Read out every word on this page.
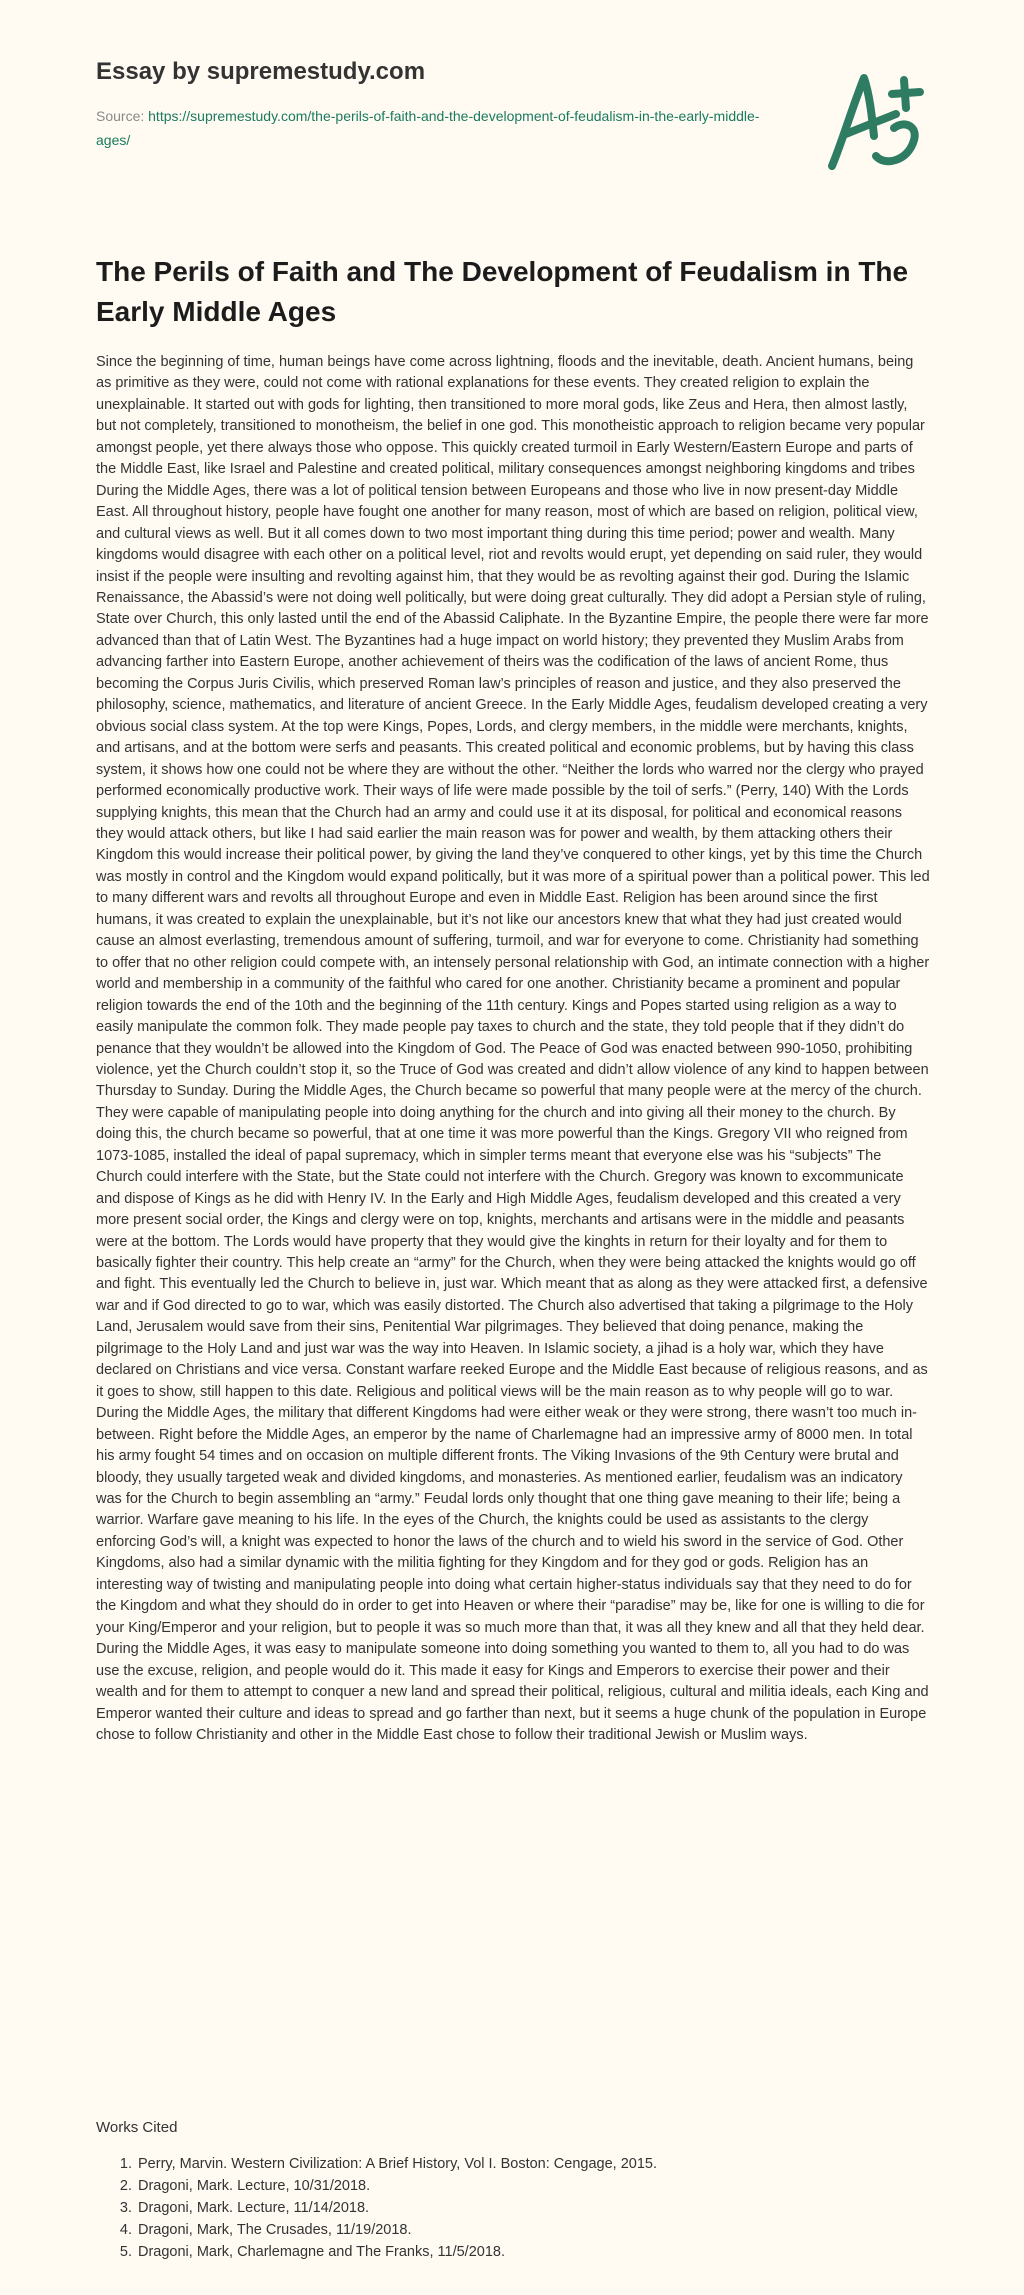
Essay by supremestudy.com
Source: https://supremestudy.com/the-perils-of-faith-and-the-development-of-feudalism-in-the-early-middle-ages/
The Perils of Faith and The Development of Feudalism in The Early Middle Ages

Since the beginning of time, human beings have come across lightning, floods and the inevitable, death. Ancient humans, being as primitive as they were, could not come with rational explanations for these events. They created religion to explain the unexplainable. It started out with gods for lighting, then transitioned to more moral gods, like Zeus and Hera, then almost lastly, but not completely, transitioned to monotheism, the belief in one god. This monotheistic approach to religion became very popular amongst people, yet there always those who oppose. This quickly created turmoil in Early Western/Eastern Europe and parts of the Middle East, like Israel and Palestine and created political, military consequences amongst neighboring kingdoms and tribes During the Middle Ages, there was a lot of political tension between Europeans and those who live in now present-day Middle East. All throughout history, people have fought one another for many reason, most of which are based on religion, political view, and cultural views as well. But it all comes down to two most important thing during this time period; power and wealth. Many kingdoms would disagree with each other on a political level, riot and revolts would erupt, yet depending on said ruler, they would insist if the people were insulting and revolting against him, that they would be as revolting against their god. During the Islamic Renaissance, the Abassid’s were not doing well politically, but were doing great culturally. They did adopt a Persian style of ruling, State over Church, this only lasted until the end of the Abassid Caliphate. In the Byzantine Empire, the people there were far more advanced than that of Latin West. The Byzantines had a huge impact on world history; they prevented they Muslim Arabs from advancing farther into Eastern Europe, another achievement of theirs was the codification of the laws of ancient Rome, thus becoming the Corpus Juris Civilis, which preserved Roman law’s principles of reason and justice, and they also preserved the philosophy, science, mathematics, and literature of ancient Greece. In the Early Middle Ages, feudalism developed creating a very obvious social class system. At the top were Kings, Popes, Lords, and clergy members, in the middle were merchants, knights, and artisans, and at the bottom were serfs and peasants. This created political and economic problems, but by having this class system, it shows how one could not be where they are without the other. “Neither the lords who warred nor the clergy who prayed performed economically productive work. Their ways of life were made possible by the toil of serfs.” (Perry, 140) With the Lords supplying knights, this mean that the Church had an army and could use it at its disposal, for political and economical reasons they would attack others, but like I had said earlier the main reason was for power and wealth, by them attacking others their Kingdom this would increase their political power, by giving the land they’ve conquered to other kings, yet by this time the Church was mostly in control and the Kingdom would expand politically, but it was more of a spiritual power than a political power. This led to many different wars and revolts all throughout Europe and even in Middle East. Religion has been around since the first humans, it was created to explain the unexplainable, but it’s not like our ancestors knew that what they had just created would cause an almost everlasting, tremendous amount of suffering, turmoil, and war for everyone to come. Christianity had something to offer that no other religion could compete with, an intensely personal relationship with God, an intimate connection with a higher world and membership in a community of the faithful who cared for one another. Christianity became a prominent and popular religion towards the end of the 10th and the beginning of the 11th century. Kings and Popes started using religion as a way to easily manipulate the common folk. They made people pay taxes to church and the state, they told people that if they didn’t do penance that they wouldn’t be allowed into the Kingdom of God. The Peace of God was enacted between 990-1050, prohibiting violence, yet the Church couldn’t stop it, so the Truce of God was created and didn’t allow violence of any kind to happen between Thursday to Sunday. During the Middle Ages, the Church became so powerful that many people were at the mercy of the church. They were capable of manipulating people into doing anything for the church and into giving all their money to the church. By doing this, the church became so powerful, that at one time it was more powerful than the Kings. Gregory VII who reigned from 1073-1085, installed the ideal of papal supremacy, which in simpler terms meant that everyone else was his “subjects” The Church could interfere with the State, but the State could not interfere with the Church. Gregory was known to excommunicate and dispose of Kings as he did with Henry IV. In the Early and High Middle Ages, feudalism developed and this created a very more present social order, the Kings and clergy were on top, knights, merchants and artisans were in the middle and peasants were at the bottom. The Lords would have property that they would give the kinghts in return for their loyalty and for them to basically fighter their country. This help create an “army” for the Church, when they were being attacked the knights would go off and fight. This eventually led the Church to believe in, just war. Which meant that as along as they were attacked first, a defensive war and if God directed to go to war, which was easily distorted. The Church also advertised that taking a pilgrimage to the Holy Land, Jerusalem would save from their sins, Penitential War pilgrimages. They believed that doing penance, making the pilgrimage to the Holy Land and just war was the way into Heaven. In Islamic society, a jihad is a holy war, which they have declared on Christians and vice versa. Constant warfare reeked Europe and the Middle East because of religious reasons, and as it goes to show, still happen to this date. Religious and political views will be the main reason as to why people will go to war. During the Middle Ages, the military that different Kingdoms had were either weak or they were strong, there wasn’t too much in-between. Right before the Middle Ages, an emperor by the name of Charlemagne had an impressive army of 8000 men. In total his army fought 54 times and on occasion on multiple different fronts. The Viking Invasions of the 9th Century were brutal and bloody, they usually targeted weak and divided kingdoms, and monasteries. As mentioned earlier, feudalism was an indicatory was for the Church to begin assembling an “army.” Feudal lords only thought that one thing gave meaning to their life; being a warrior. Warfare gave meaning to his life. In the eyes of the Church, the knights could be used as assistants to the clergy enforcing God’s will, a knight was expected to honor the laws of the church and to wield his sword in the service of God. Other Kingdoms, also had a similar dynamic with the militia fighting for they Kingdom and for they god or gods. Religion has an interesting way of twisting and manipulating people into doing what certain higher-status individuals say that they need to do for the Kingdom and what they should do in order to get into Heaven or where their “paradise” may be, like for one is willing to die for your King/Emperor and your religion, but to people it was so much more than that, it was all they knew and all that they held dear. During the Middle Ages, it was easy to manipulate someone into doing something you wanted to them to, all you had to do was use the excuse, religion, and people would do it. This made it easy for Kings and Emperors to exercise their power and their wealth and for them to attempt to conquer a new land and spread their political, religious, cultural and militia ideals, each King and Emperor wanted their culture and ideas to spread and go farther than next, but it seems a huge chunk of the population in Europe chose to follow Christianity and other in the Middle East chose to follow their traditional Jewish or Muslim ways.

Works Cited

1. Perry, Marvin. Western Civilization: A Brief History, Vol I. Boston: Cengage, 2015.
2. Dragoni, Mark. Lecture, 10/31/2018.
3. Dragoni, Mark. Lecture, 11/14/2018.
4. Dragoni, Mark, The Crusades, 11/19/2018.
5. Dragoni, Mark, Charlemagne and The Franks, 11/5/2018.
